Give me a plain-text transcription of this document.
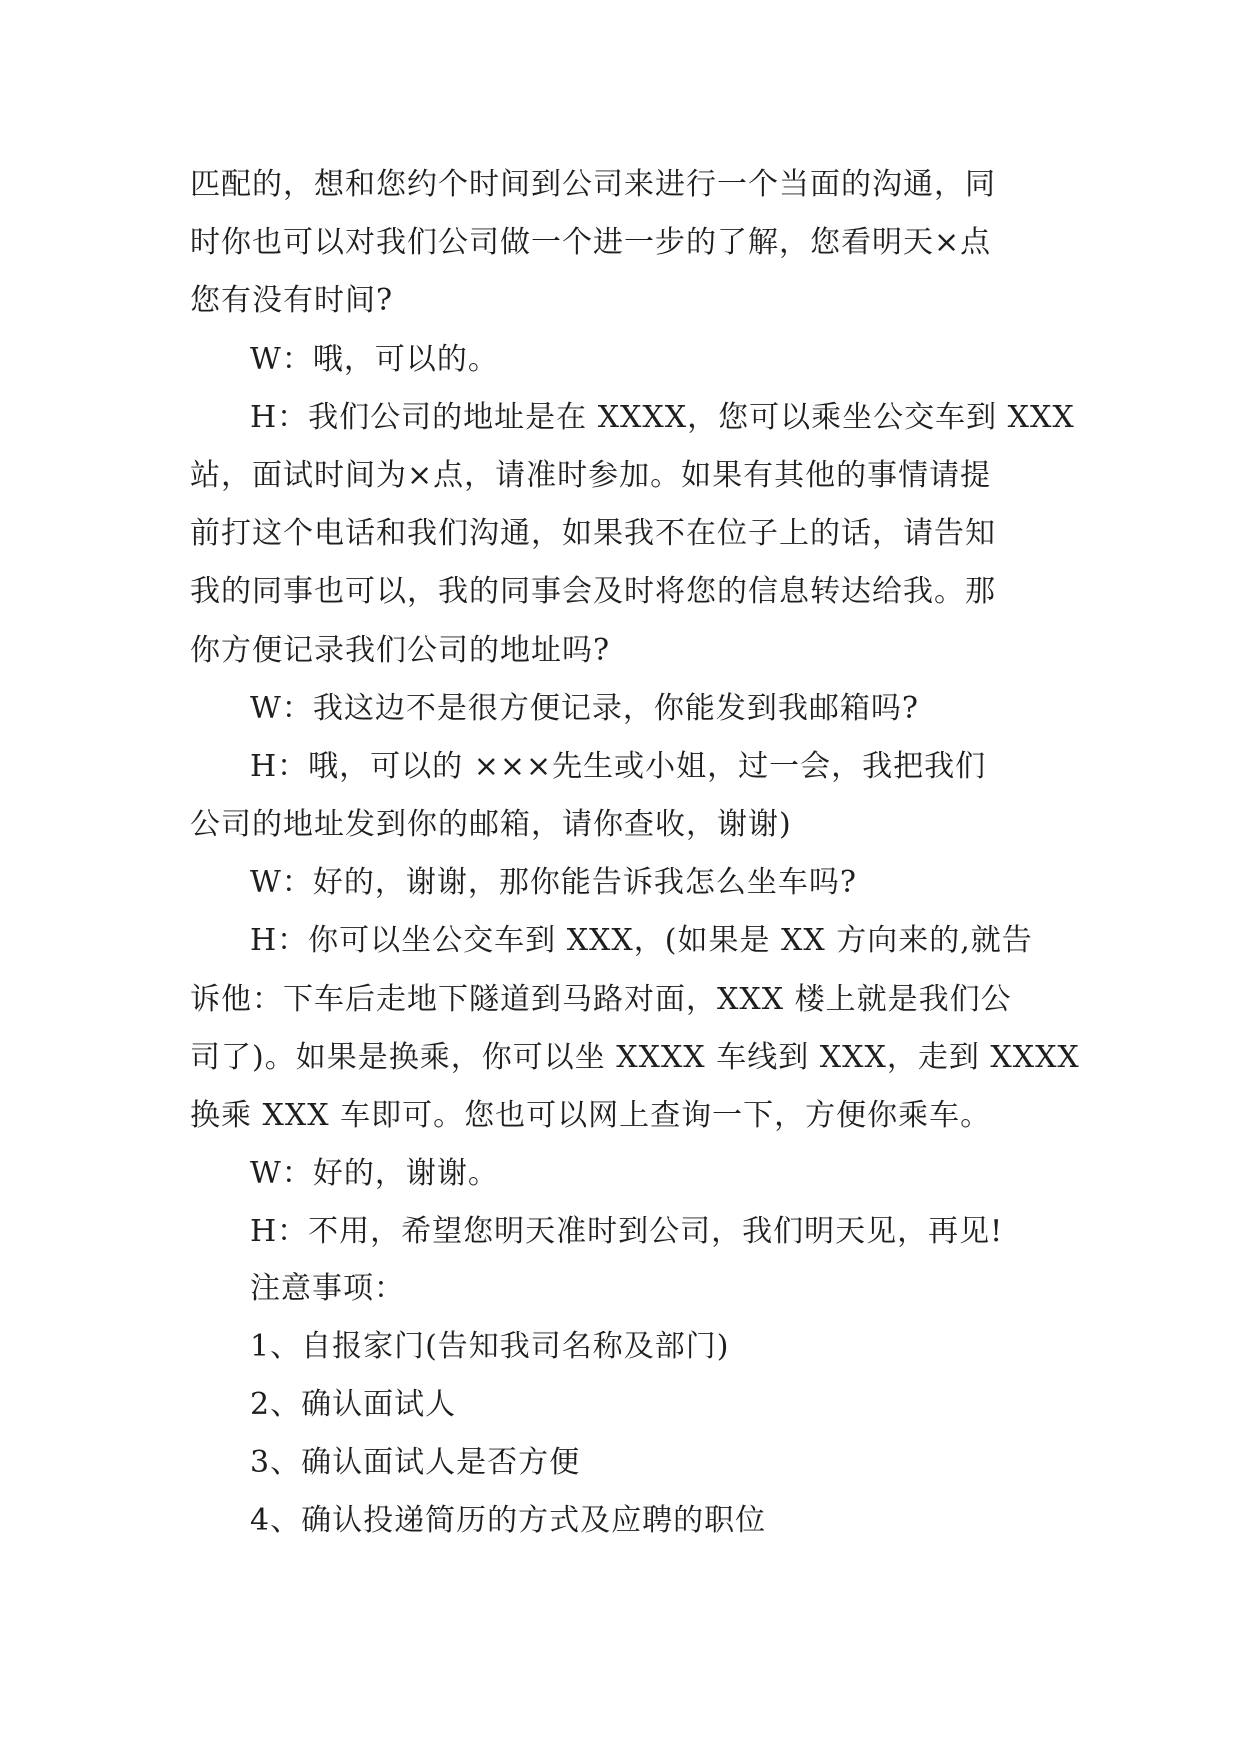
匹配的，想和您约个时间到公司来进行一个当面的沟通，同
时你也可以对我们公司做一个进一步的了解，您看明天×点
您有没有时间?
W：哦，可以的。
H：我们公司的地址是在 XXXX，您可以乘坐公交车到 XXX
站，面试时间为×点，请准时参加。如果有其他的事情请提
前打这个电话和我们沟通，如果我不在位子上的话，请告知
我的同事也可以，我的同事会及时将您的信息转达给我。那
你方便记录我们公司的地址吗?
W：我这边不是很方便记录，你能发到我邮箱吗?
H：哦，可以的 ×××先生或小姐，过一会，我把我们
公司的地址发到你的邮箱，请你查收，谢谢)
W：好的，谢谢，那你能告诉我怎么坐车吗?
H：你可以坐公交车到 XXX，(如果是 XX 方向来的,就告
诉他：下车后走地下隧道到马路对面，XXX 楼上就是我们公
司了)。如果是换乘，你可以坐 XXXX 车线到 XXX，走到 XXXX
换乘 XXX 车即可。您也可以网上查询一下，方便你乘车。
W：好的，谢谢。
H：不用，希望您明天准时到公司，我们明天见，再见!
注意事项：
1、自报家门(告知我司名称及部门)
2、确认面试人
3、确认面试人是否方便
4、确认投递简历的方式及应聘的职位
